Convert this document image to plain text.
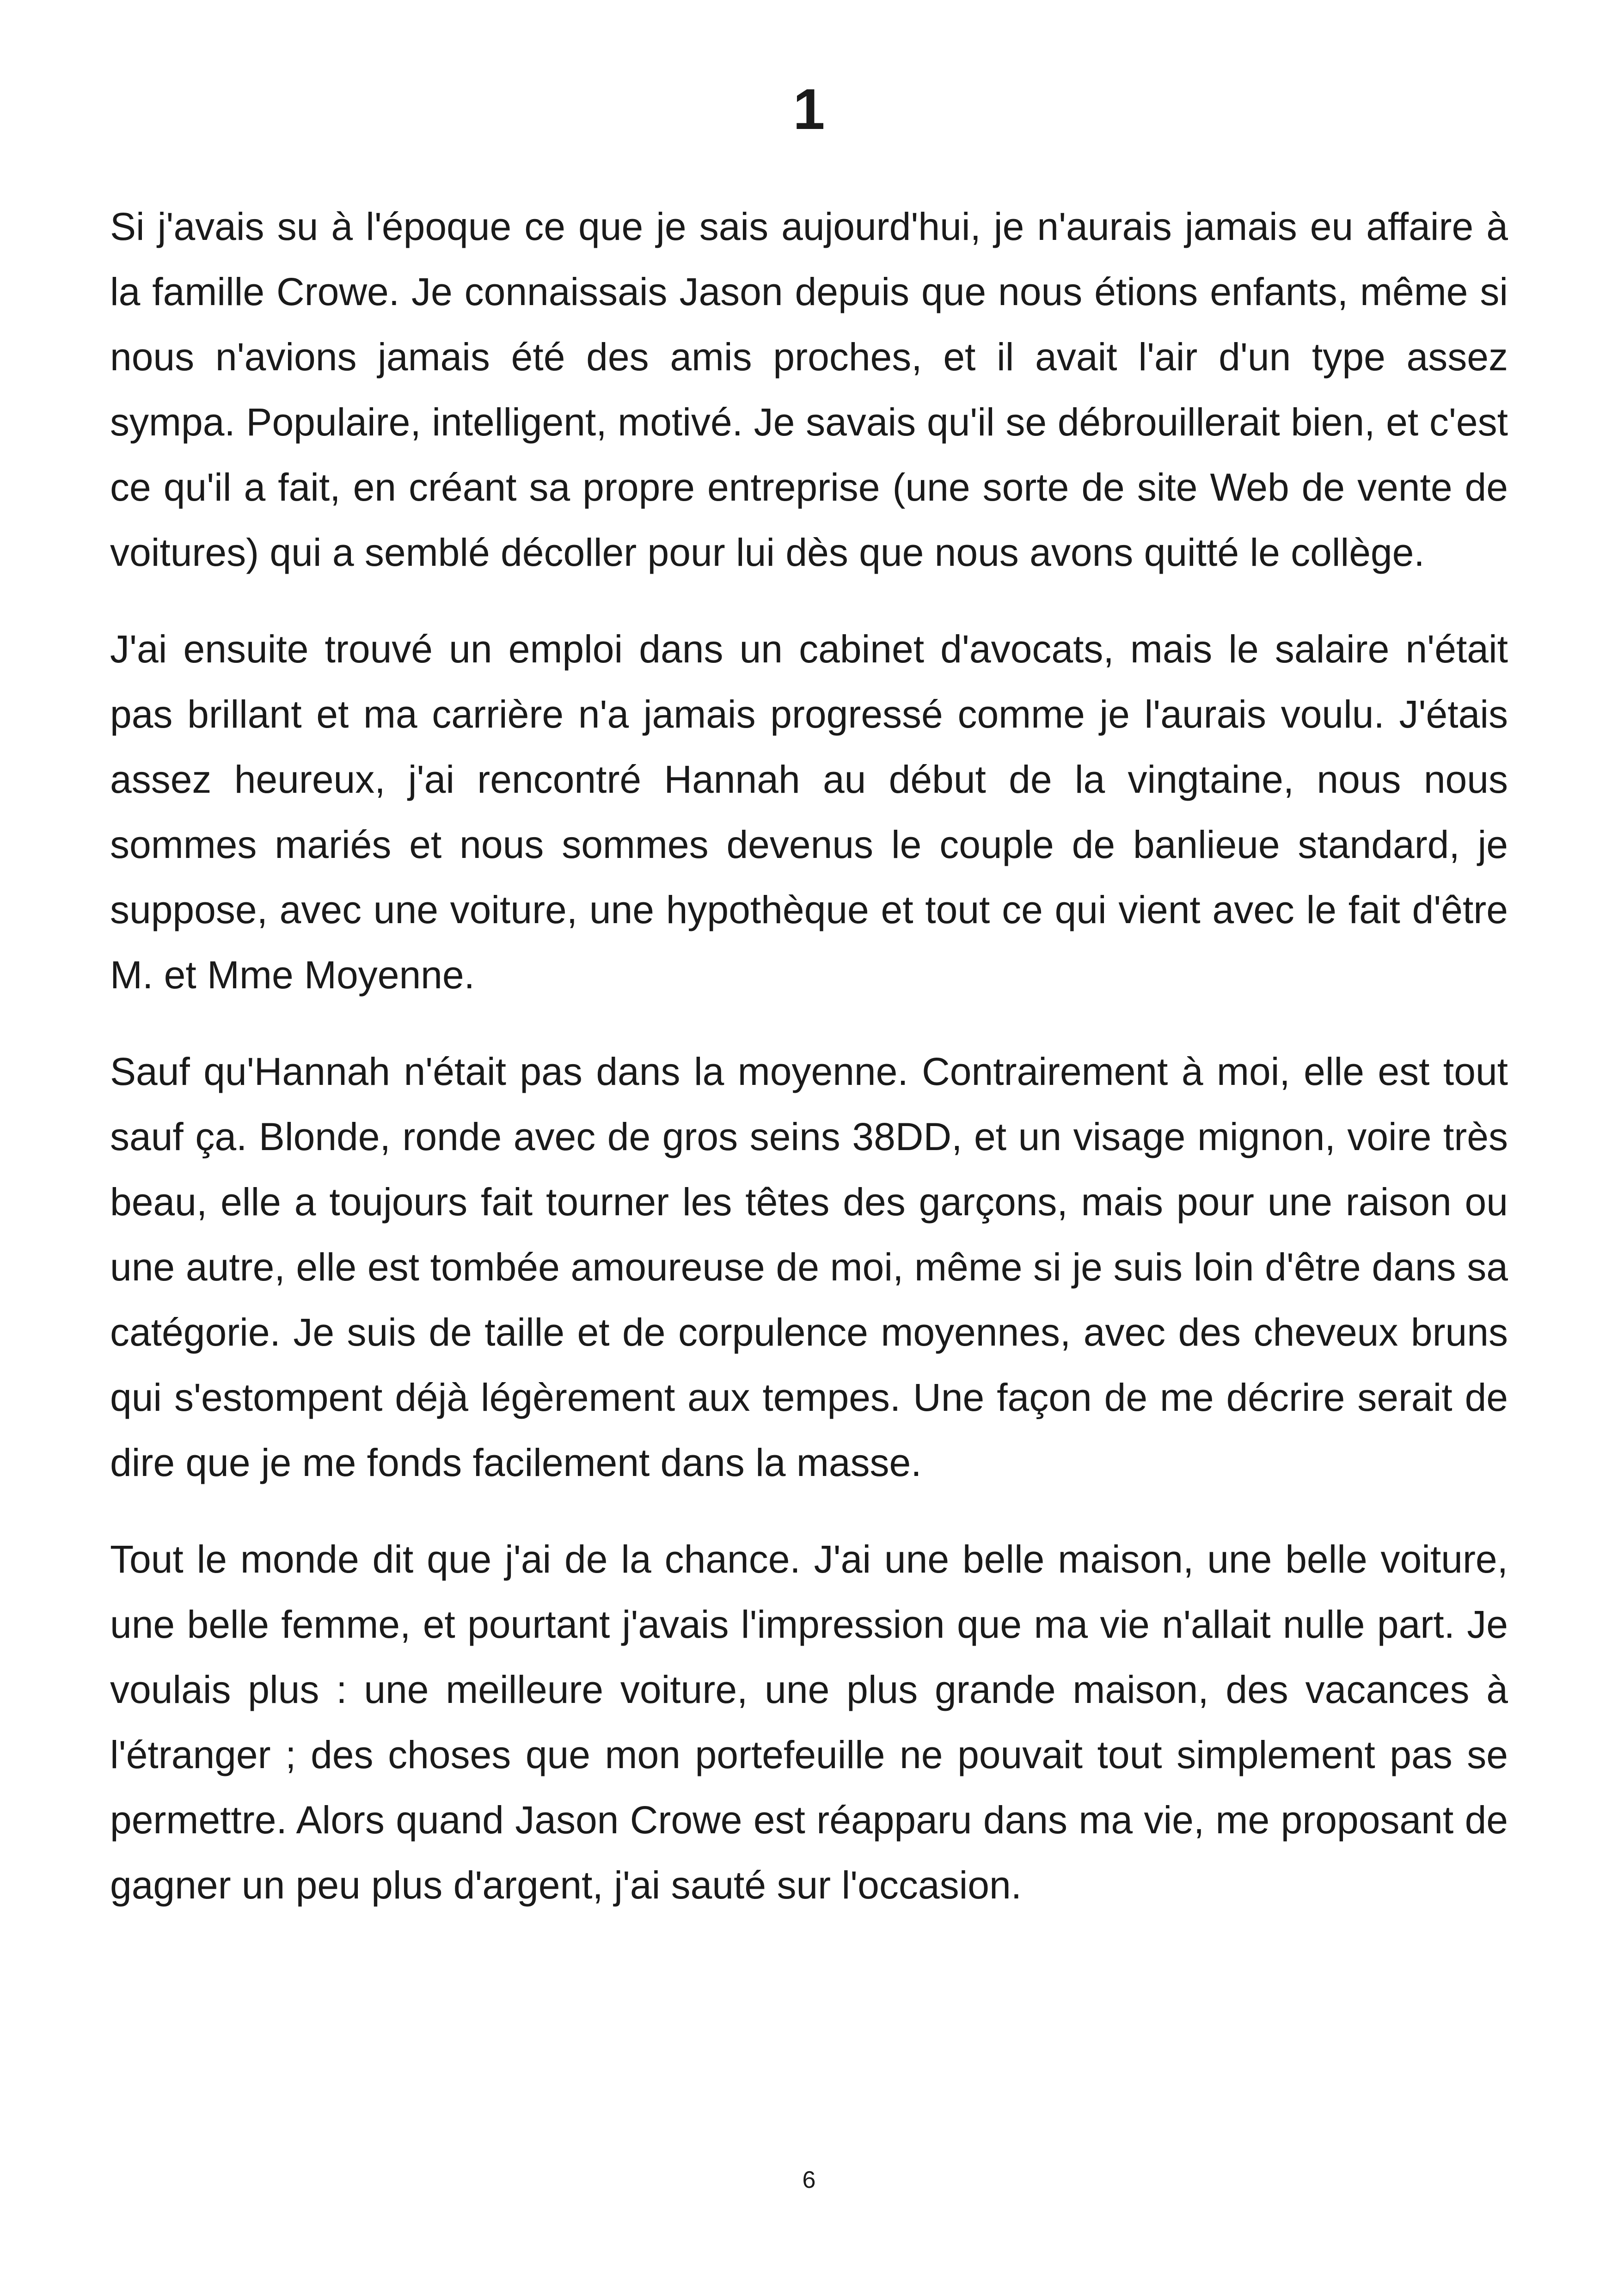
1

Si j'avais su à l'époque ce que je sais aujourd'hui, je n'aurais jamais eu affaire à la famille Crowe. Je connaissais Jason depuis que nous étions enfants, même si nous n'avions jamais été des amis proches, et il avait l'air d'un type assez sympa. Populaire, intelligent, motivé. Je savais qu'il se débrouillerait bien, et c'est ce qu'il a fait, en créant sa propre entreprise (une sorte de site Web de vente de voitures) qui a semblé décoller pour lui dès que nous avons quitté le collège.

J'ai ensuite trouvé un emploi dans un cabinet d'avocats, mais le salaire n'était pas brillant et ma carrière n'a jamais progressé comme je l'aurais voulu. J'étais assez heureux, j'ai rencontré Hannah au début de la vingtaine, nous nous sommes mariés et nous sommes devenus le couple de banlieue standard, je suppose, avec une voiture, une hypothèque et tout ce qui vient avec le fait d'être M. et Mme Moyenne.

Sauf qu'Hannah n'était pas dans la moyenne. Contrairement à moi, elle est tout sauf ça. Blonde, ronde avec de gros seins 38DD, et un visage mignon, voire très beau, elle a toujours fait tourner les têtes des garçons, mais pour une raison ou une autre, elle est tombée amoureuse de moi, même si je suis loin d'être dans sa catégorie. Je suis de taille et de corpulence moyennes, avec des cheveux bruns qui s'estompent déjà légèrement aux tempes. Une façon de me décrire serait de dire que je me fonds facilement dans la masse.

Tout le monde dit que j'ai de la chance. J'ai une belle maison, une belle voiture, une belle femme, et pourtant j'avais l'impression que ma vie n'allait nulle part. Je voulais plus : une meilleure voiture, une plus grande maison, des vacances à l'étranger ; des choses que mon portefeuille ne pouvait tout simplement pas se permettre. Alors quand Jason Crowe est réapparu dans ma vie, me proposant de gagner un peu plus d'argent, j'ai sauté sur l'occasion.

6
